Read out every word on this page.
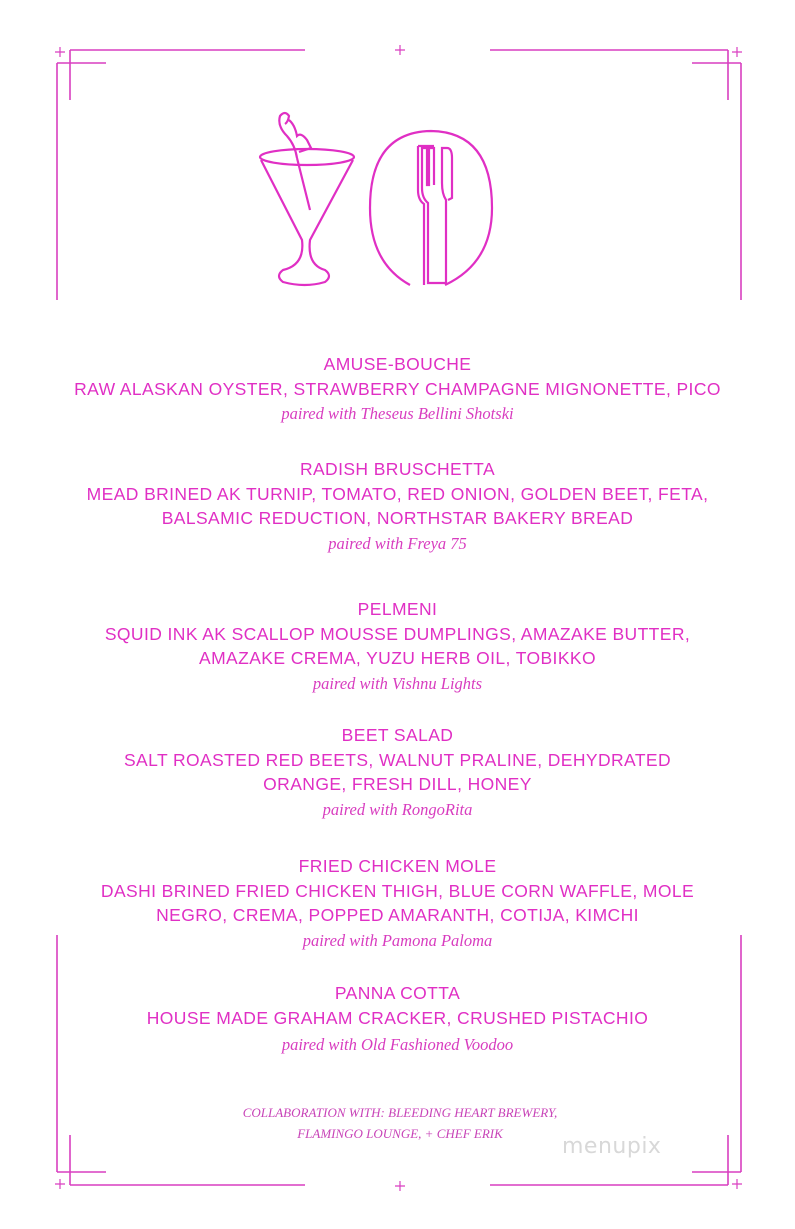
AMUSE-BOUCHE
RAW ALASKAN OYSTER, STRAWBERRY CHAMPAGNE MIGNONETTE, PICO
paired with Theseus Bellini Shotski
RADISH BRUSCHETTA
MEAD BRINED AK TURNIP, TOMATO, RED ONION, GOLDEN BEET, FETA,
BALSAMIC REDUCTION, NORTHSTAR BAKERY BREAD
paired with Freya 75
PELMENI
SQUID INK AK SCALLOP MOUSSE DUMPLINGS, AMAZAKE BUTTER,
AMAZAKE CREMA, YUZU HERB OIL, TOBIKKO
paired with Vishnu Lights
BEET SALAD
SALT ROASTED RED BEETS, WALNUT PRALINE, DEHYDRATED
ORANGE, FRESH DILL, HONEY
paired with RongoRita
FRIED CHICKEN MOLE
DASHI BRINED FRIED CHICKEN THIGH, BLUE CORN WAFFLE, MOLE
NEGRO, CREMA, POPPED AMARANTH, COTIJA, KIMCHI
paired with Pamona Paloma
PANNA COTTA
HOUSE MADE GRAHAM CRACKER, CRUSHED PISTACHIO
paired with Old Fashioned Voodoo
COLLABORATION WITH: BLEEDING HEART BREWERY,
FLAMINGO LOUNGE, + CHEF ERIK
menupix
